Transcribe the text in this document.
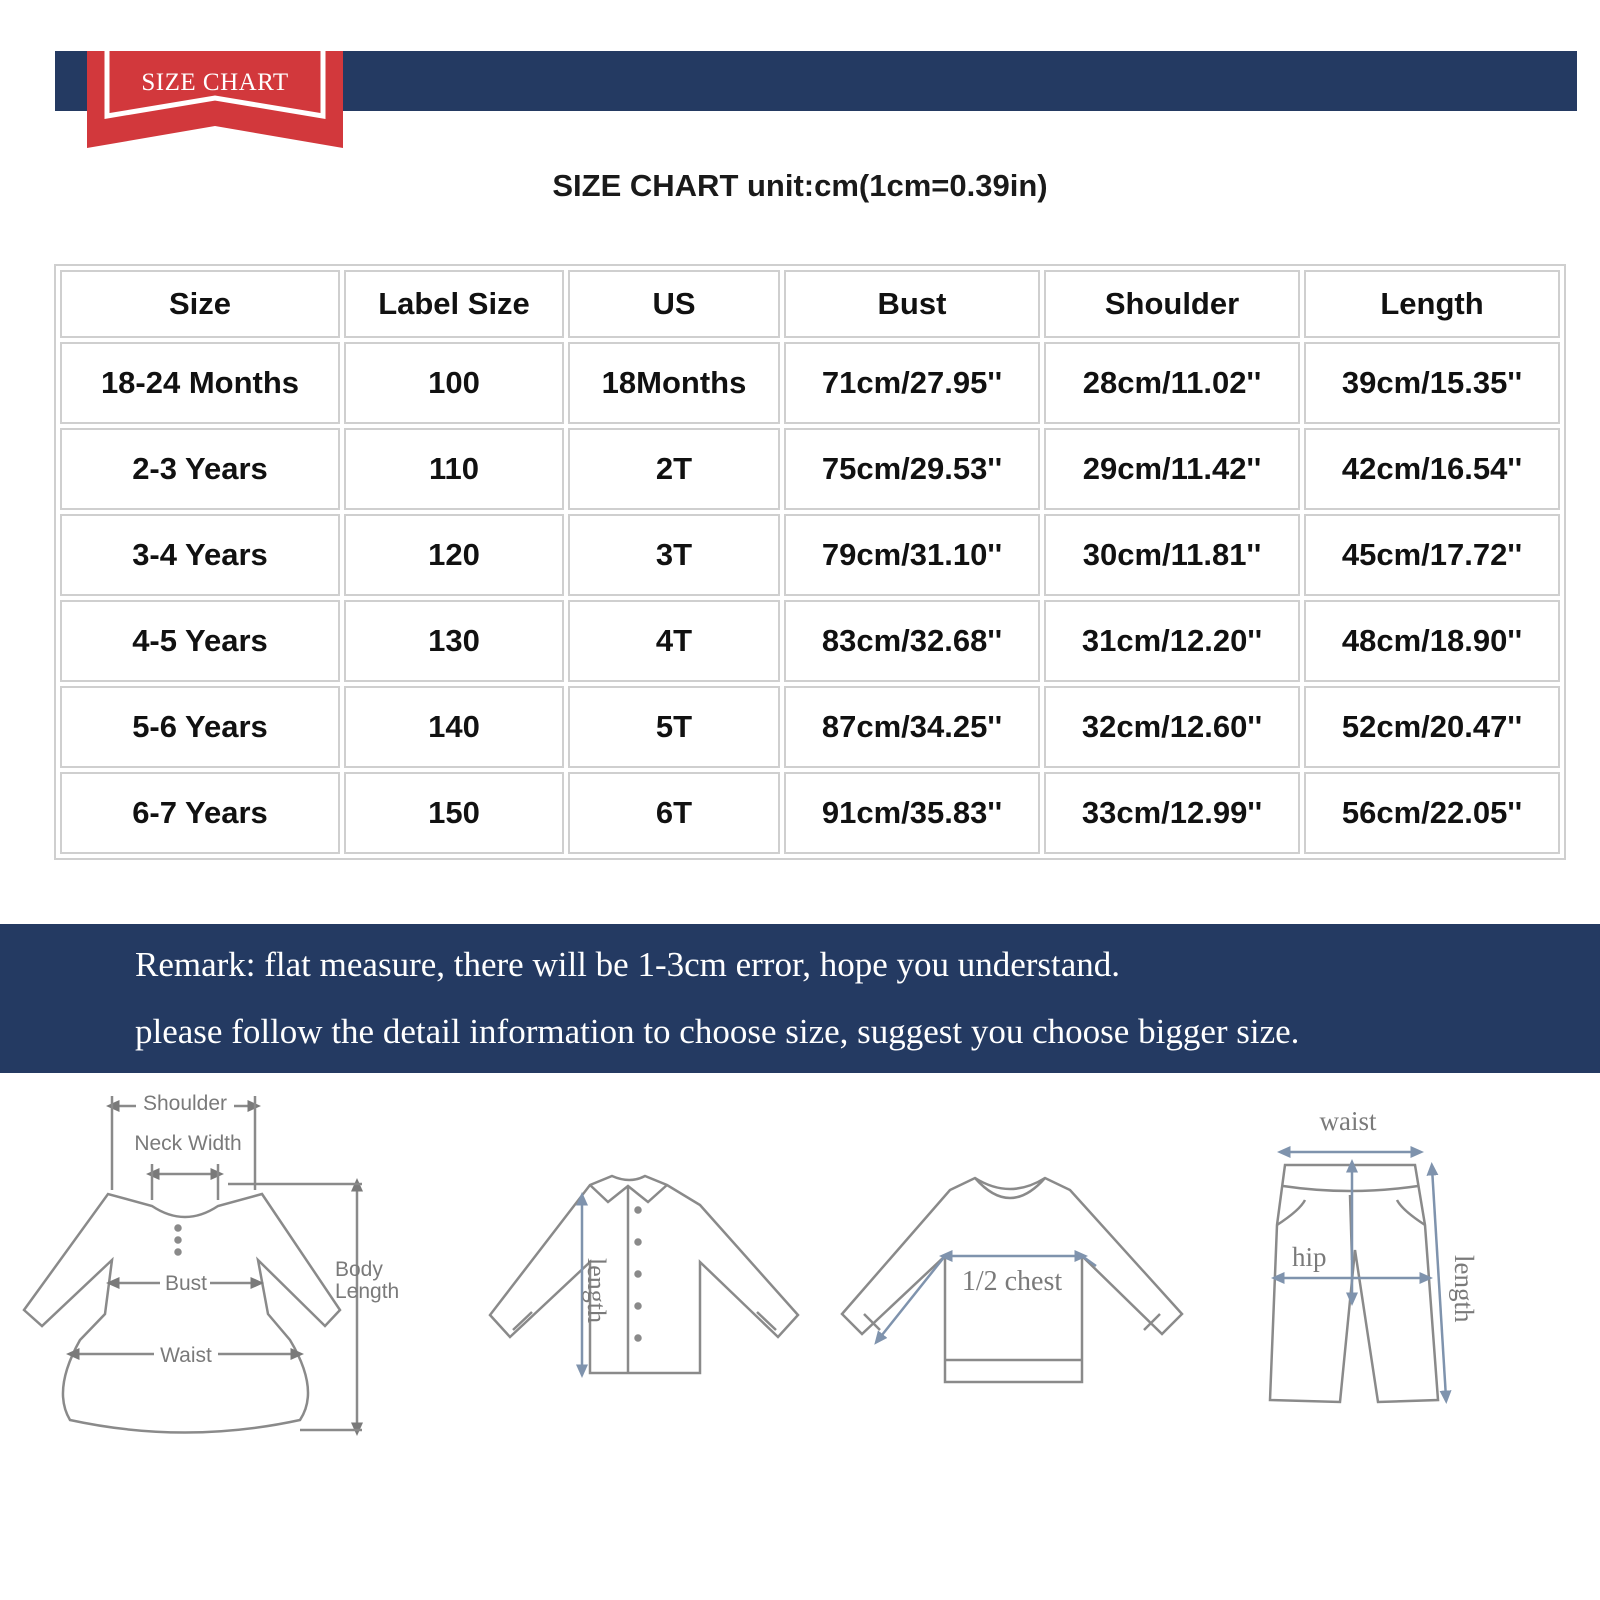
SIZE CHART
SIZE CHART unit:cm(1cm=0.39in)
Size	Label Size	US	Bust	Shoulder	Length
18-24 Months	100	18Months	71cm/27.95''	28cm/11.02''	39cm/15.35''
2-3 Years	110	2T	75cm/29.53''	29cm/11.42''	42cm/16.54''
3-4 Years	120	3T	79cm/31.10''	30cm/11.81''	45cm/17.72''
4-5 Years	130	4T	83cm/32.68''	31cm/12.20''	48cm/18.90''
5-6 Years	140	5T	87cm/34.25''	32cm/12.60''	52cm/20.47''
6-7 Years	150	6T	91cm/35.83''	33cm/12.99''	56cm/22.05''
Remark: flat measure, there will be 1-3cm error, hope you understand.
please follow the detail information to choose size, suggest you choose bigger size.
Shoulder
Neck Width
Bust
Waist
Body
Length	length	1/2 chest
waist
hip	length
